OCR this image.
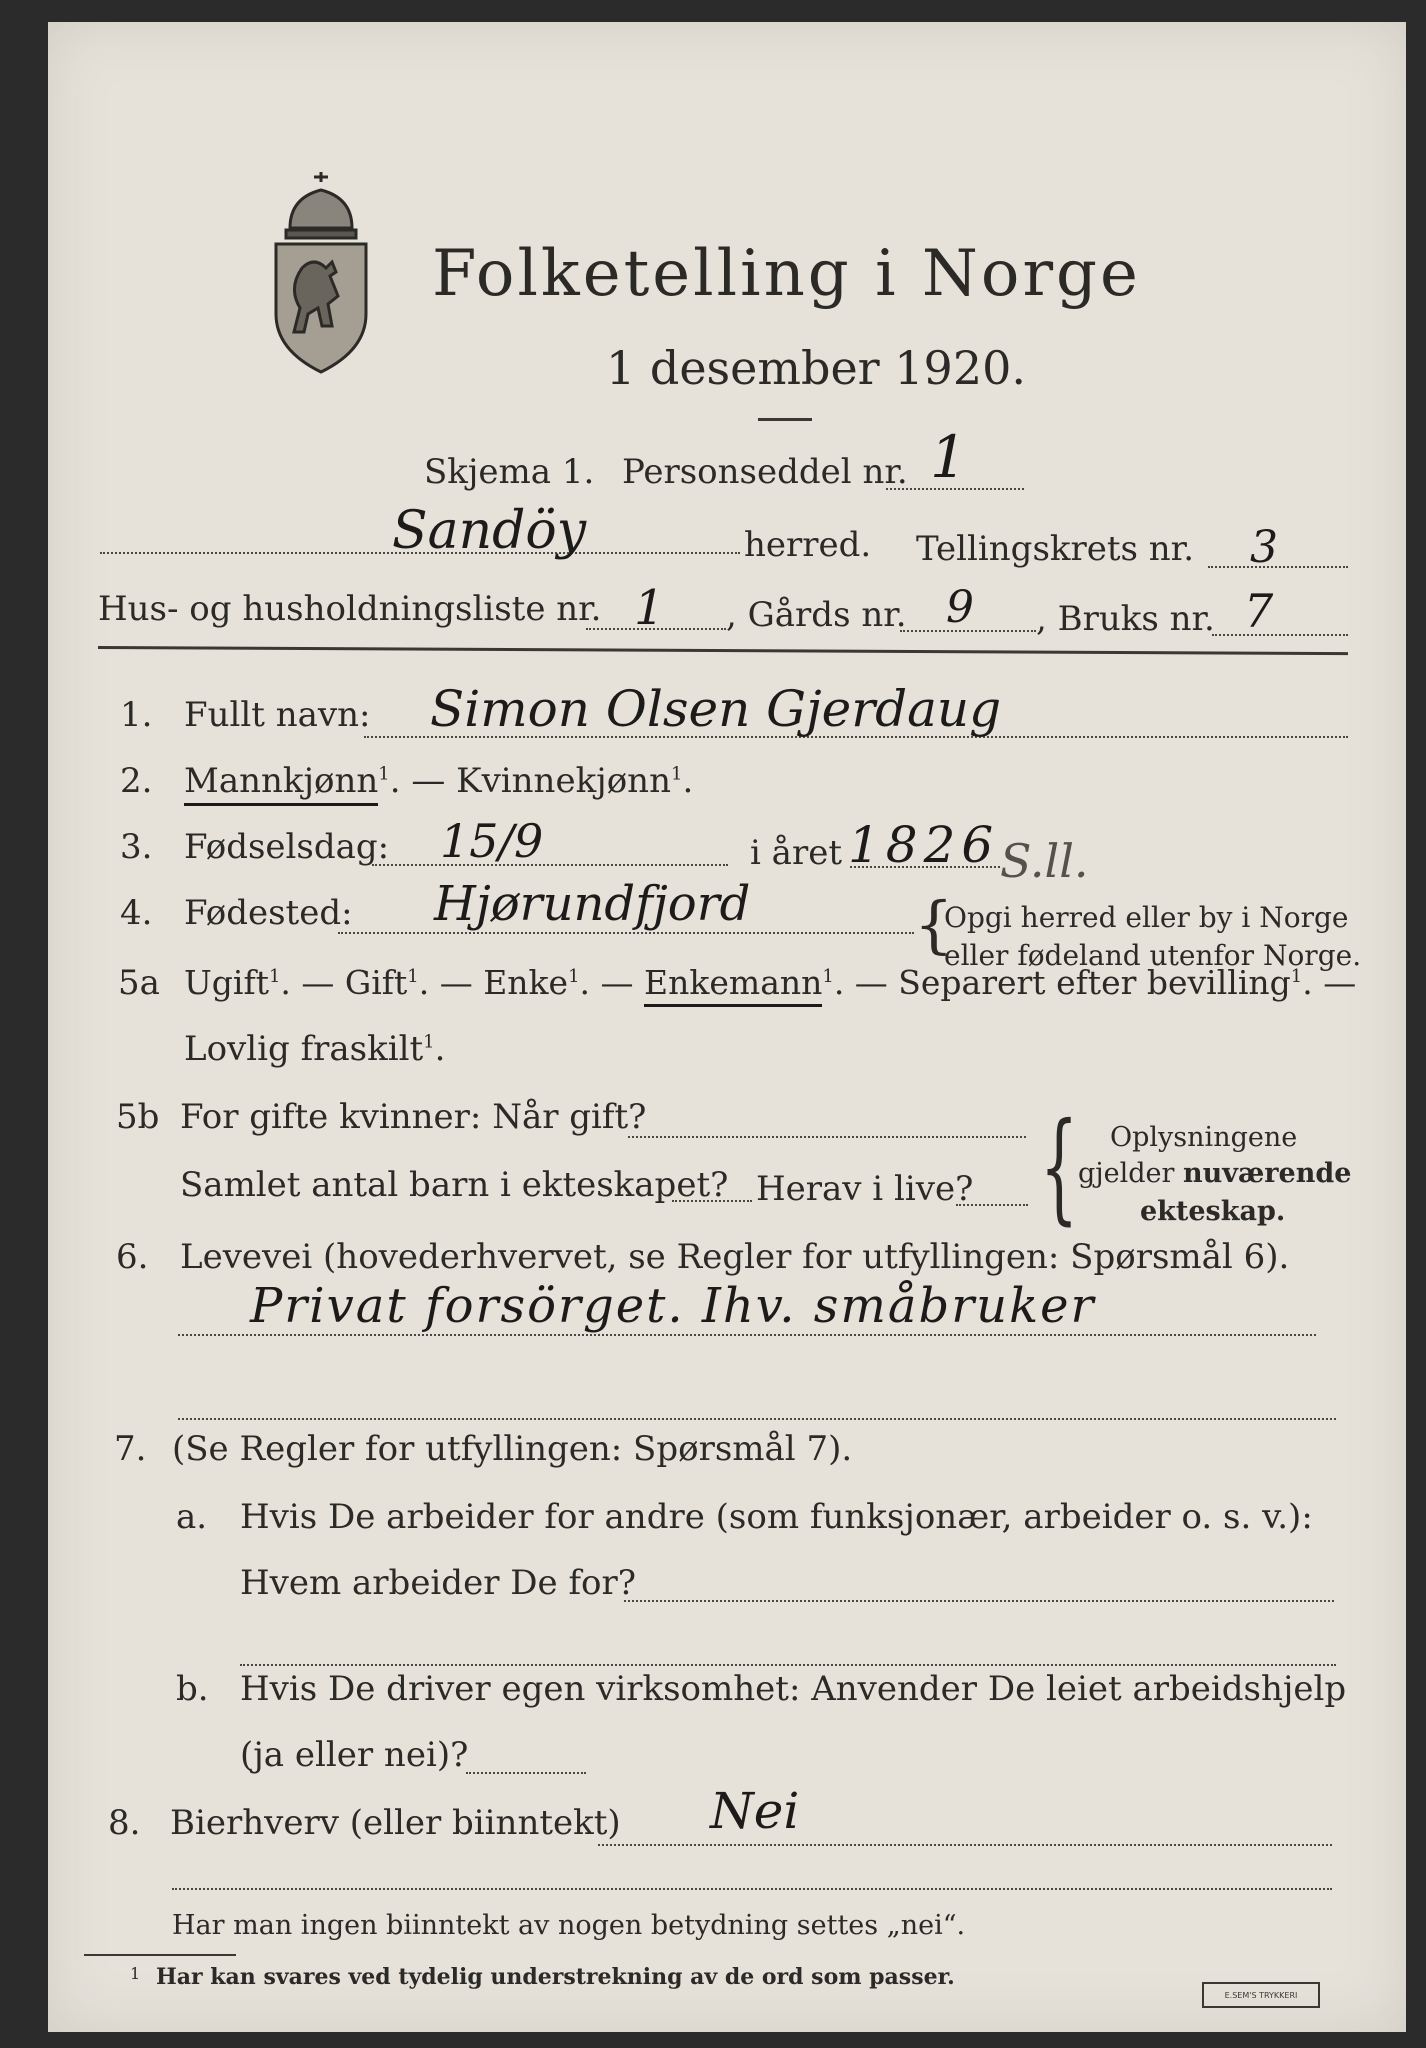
Folketelling i Norge
1 desember 1920.
Skjema 1. Personseddel nr. 1
Sandöy	herred. Tellingskrets nr. 3
Hus- og husholdningsliste nr. 1 , Gårds nr. 9 , Bruks nr. 7
1. Fullt navn: Simon Olsen Gjerdaug
2. Mannkjønn$^1$. — Kvinnekjønn$^1$.
3. Fødselsdag: 15/9	i året 1826 S.ll.
4. Fødested: Hjørundfjord	{
Opgi herred eller by i Norge
eller fødeland utenfor Norge.
5a Ugift$^1$. — Gift$^1$. — Enke$^1$. — Enkemann$^1$. — Separert efter bevilling$^1$. —
Lovlig fraskilt$^1$.
5b For gifte kvinner: Når gift?
Samlet antal barn i ekteskapet? Herav i live? { Oplysningene
gjelder nuværende
ekteskap.
6. Levevei (hovederhvervet, se Regler for utfyllingen: Spørsmål 6).
Privat forsörget. Ihv. småbruker
7. (Se Regler for utfyllingen: Spørsmål 7).
a. Hvis De arbeider for andre (som funksjonær, arbeider o. s. v.):
Hvem arbeider De for?
b. Hvis De driver egen virksomhet: Anvender De leiet arbeidshjelp
(ja eller nei)?
8. Bierhverv (eller biinntekt) Nei
Har man ingen biinntekt av nogen betydning settes „nei“.
1 Har kan svares ved tydelig understrekning av de ord som passer.
E.SEM'S TRYKKERI
